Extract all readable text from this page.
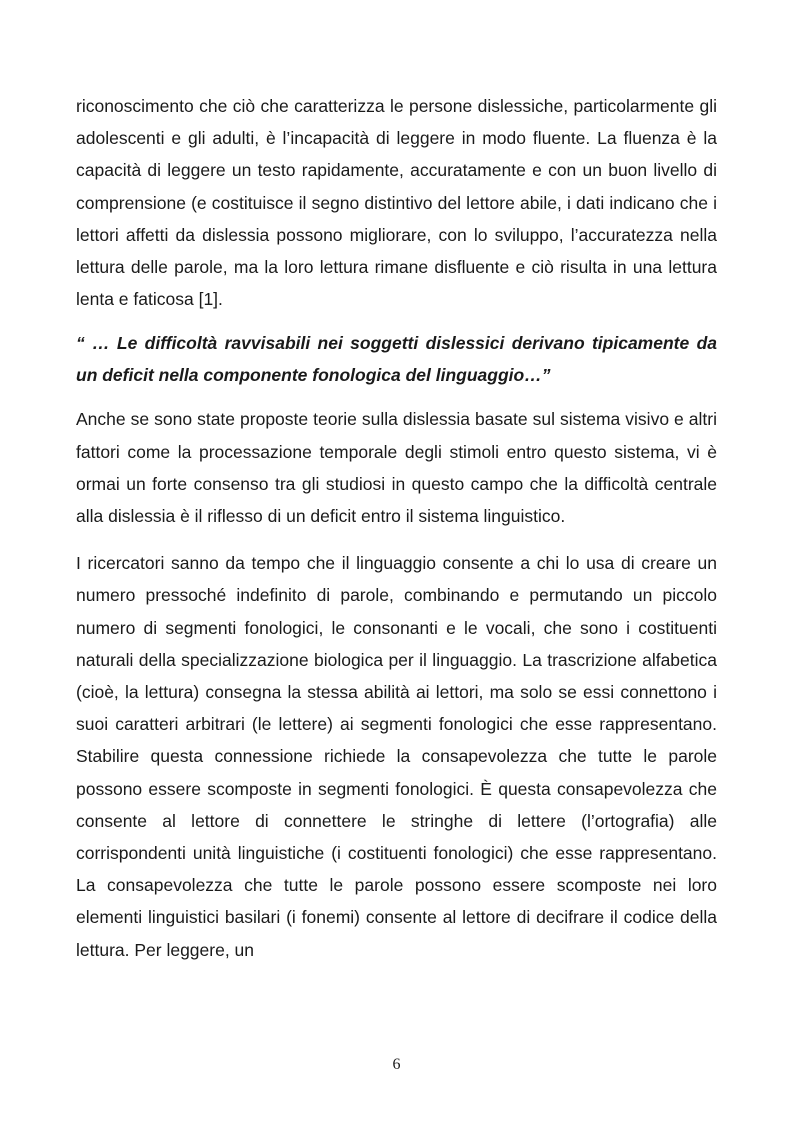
riconoscimento che ciò che caratterizza le persone dislessiche, particolarmente gli adolescenti e gli adulti, è l’incapacità di leggere in modo fluente. La fluenza è la capacità di leggere un testo rapidamente, accuratamente e con un buon livello di comprensione (e costituisce il segno distintivo del lettore abile, i dati indicano che i lettori affetti da dislessia possono migliorare, con lo sviluppo, l’accuratezza nella lettura delle parole, ma la loro lettura rimane disfluente e ciò risulta in una lettura lenta e faticosa [1].

“ … Le difficoltà ravvisabili nei soggetti dislessici derivano tipicamente da un deficit nella componente fonologica del linguaggio…”

Anche se sono state proposte teorie sulla dislessia basate sul sistema visivo e altri fattori come la processazione temporale degli stimoli entro questo sistema, vi è ormai un forte consenso tra gli studiosi in questo campo che la difficoltà centrale alla dislessia è il riflesso di un deficit entro il sistema linguistico.

I ricercatori sanno da tempo che il linguaggio consente a chi lo usa di creare un numero pressoché indefinito di parole, combinando e permutando un piccolo numero di segmenti fonologici, le consonanti e le vocali, che sono i costituenti naturali della specializzazione biologica per il linguaggio. La trascrizione alfabetica (cioè, la lettura) consegna la stessa abilità ai lettori, ma solo se essi connettono i suoi caratteri arbitrari (le lettere) ai segmenti fonologici che esse rappresentano. Stabilire questa connessione richiede la consapevolezza che tutte le parole possono essere scomposte in segmenti fonologici. È questa consapevolezza che consente al lettore di connettere le stringhe di lettere (l’ortografia) alle corrispondenti unità linguistiche (i costituenti fonologici) che esse rappresentano. La consapevolezza che tutte le parole possono essere scomposte nei loro elementi linguistici basilari (i fonemi) consente al lettore di decifrare il codice della lettura. Per leggere, un

6
